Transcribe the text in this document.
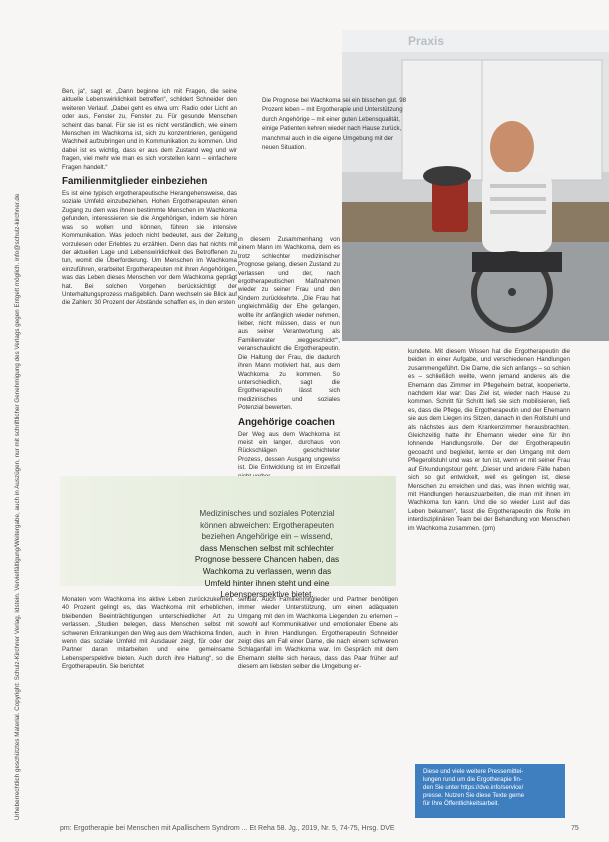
Urheberrechtlich geschütztes Material. Copyright: Schulz-Kirchner Verlag, Idstein. Vervielfältigung/Weitergabe, auch in Auszügen, nur mit schriftlicher Genehmigung des Verlags gegen Entgelt möglich. info@schulz-kirchner.de
Praxis
Die Prognose bei Wachkoma sei ein bisschen gut. 98 Prozent leben – mit Ergotherapie und Unterstützung durch Angehörige – mit einer guten Lebensqualität, einige Patienten kehren wieder nach Hause zurück, manchmal auch in die eigene Umgebung mit der neuen Situation.

Ben, ja“, sagt er. „Dann beginne ich mit Fragen, die seine aktuelle Lebenswirklichkeit betreffen“, schildert Schneider den weiteren Verlauf. „Dabei geht es etwa um: Radio oder Licht an oder aus, Fenster zu, Fenster zu. Für gesunde Menschen scheint das banal. Für sie ist es nicht verständlich, wie einem Menschen im Wachkoma ist, sich zu konzentrieren, genügend Wachheit aufzubringen und in Kommunikation zu kommen. Und dabei ist es wichtig, dass er aus dem Zustand weg und wir fragen, viel mehr wie man es sich vorstellen kann – einfachere Fragen handelt.“

Familienmitglieder einbeziehen

Es ist eine typisch ergotherapeutische Herangehensweise, das soziale Umfeld einzubeziehen. Hohen Ergotherapeuten einen Zugang zu dem was ihnen bestimmte Menschen im Wachkoma gefunden, interessieren sie die Angehörigen, indem sie hören was so wollen und können, führen sie intensive Kommunikation. Was jedoch nicht bedeutet, aus der Zeitung vorzulesen oder Erlebtes zu erzählen. Denn das hat nichts mit der aktuellen Lage und Lebenswirklichkeit des Betroffenen zu tun, womit die Überforderung. Um Menschen im Wachkoma einzuführen, erarbeitet Ergotherapeuten mit ihren Angehörigen, was das Leben dieses Menschen vor dem Wachkoma geprägt hat. Bei solchen Vorgehen berücksichtigt der Unterhaltungsprozess maßgeblich. Dann wechseln sie Blick auf die Zahlen: 30 Prozent der Abstände schaffen es, in den ersten

in diesem Zusammenhang von einem Mann im Wachkoma, dem es trotz schlechter medizinischer Prognose gelang, diesen Zustand zu verlassen und der, nach ergotherapeutischen Maßnahmen wieder zu seiner Frau und den Kindern zurückkehrte. „Die Frau hat ungleichmäßig der Ehe gefangen, wollte ihr anfänglich wieder nehmen, lieber, nicht müssen, dass er nun aus seiner Verantwortung als Familienvater ‚weggeschickt‘“, veranschaulicht die Ergotherapeutin. Die Haltung der Frau, die dadurch ihren Mann motiviert hat, aus dem Wachkoma zu kommen. So unterschiedlich, sagt die Ergotherapeutin lässt sich medizinisches und soziales Potenzial bewerten.

Angehörige coachen

Der Weg aus dem Wachkoma ist meist ein langer, durchaus von Rückschlägen geschichteter Prozess, dessen Ausgang ungewiss ist. Die Entwicklung ist im Einzelfall

kundete. Mit diesem Wissen hat die Ergotherapeutin die beiden in einer Aufgabe, und verschiedenen Handlungen zusammengeführt. Die Dame, die sich anfangs – so schien es – schließlich weilte, wenn jemand anderes als die Ehemann das Zimmer im Pflegeheim betrat, kooperierte, nachdem klar war: Das Ziel ist, wieder nach Hause zu kommen. Schritt für Schritt ließ sie sich mobilisieren, ließ es, dass die Pflege, die Ergotherapeutin und der Ehemann sie aus dem Liegen ins Sitzen, danach in den Rollstuhl und als nächstes aus dem Krankenzimmer herausbrachten. Gleichzeitig hatte ihr Ehemann wieder eine für ihn lohnende Handlungsrolle. Der der Ergotherapeutin gecoacht und begleitet, lernte er den Umgang mit dem Pflegerollstuhl und was er tun ist, wenn er mit seiner Frau auf Erkundungstour geht. „Dieser und andere Fälle haben sich so gut entwickelt, weil es gelingen ist, diese Menschen zu erreichen und das, was ihnen wichtig war, mit Handlungen herauszuarbeiten, die man mit ihnen im Wachkoma tun kann. Und die so wieder Lust auf das Leben bekamen“, fasst die Ergotherapeutin die Rolle im interdisziplinären Team bei der Behandlung von Menschen im Wachkoma zusammen. (pm)

Medizinisches und soziales Potenzial
können abweichen: Ergotherapeuten
beziehen Angehörige ein – wissend,
dass Menschen selbst mit schlechter
Prognose bessere Chancen haben, das
Wachkoma zu verlassen, wenn das
Umfeld hinter ihnen steht und eine
Lebensperspektive bietet.

Monaten vom Wachkoma ins aktive Leben zurückzukehren. 40 Prozent gelingt es, das Wachkoma mit erheblichen, bleibenden Beeinträchtigungen unterschiedlicher Art zu verlassen. „Studien belegen, dass Menschen selbst mit schweren Erkrankungen den Weg aus dem Wachkoma finden, wenn das soziale Umfeld mit Ausdauer zeigt, für oder der Partner daran mitarbeiten und eine gemeinsame Lebensperspektive bieten. Auch durch ihre Haltung“, so die Ergotherapeutin. Sie berichtet

sehbar. Auch Familienmitglieder und Partner benötigen immer wieder Unterstützung, um einen adäquaten Umgang mit den im Wachkoma Liegenden zu erlernen – sowohl auf Kommunikativer und emotionaler Ebene als auch in ihren Handlungen. Ergotherapeutin Schneider zeigt dies am Fall einer Dame, die nach einem schweren Schlaganfall im Wachkoma war. Im Gespräch mit dem Ehemann stellte sich heraus, dass das Paar früher auf diesem am liebsten selber die Umgebung er-

Diese und viele weitere Pressemittei-
lungen rund um die Ergotherapie fin-
den Sie unter https://dve.info/service/
presse. Nutzen Sie diese Texte gerne
für Ihre Öffentlichkeitsarbeit.
pm: Ergotherapie bei Menschen mit Apallischem Syndrom ... Et Reha 58. Jg., 2019, Nr. 5, 74-75, Hrsg. DVE	75
